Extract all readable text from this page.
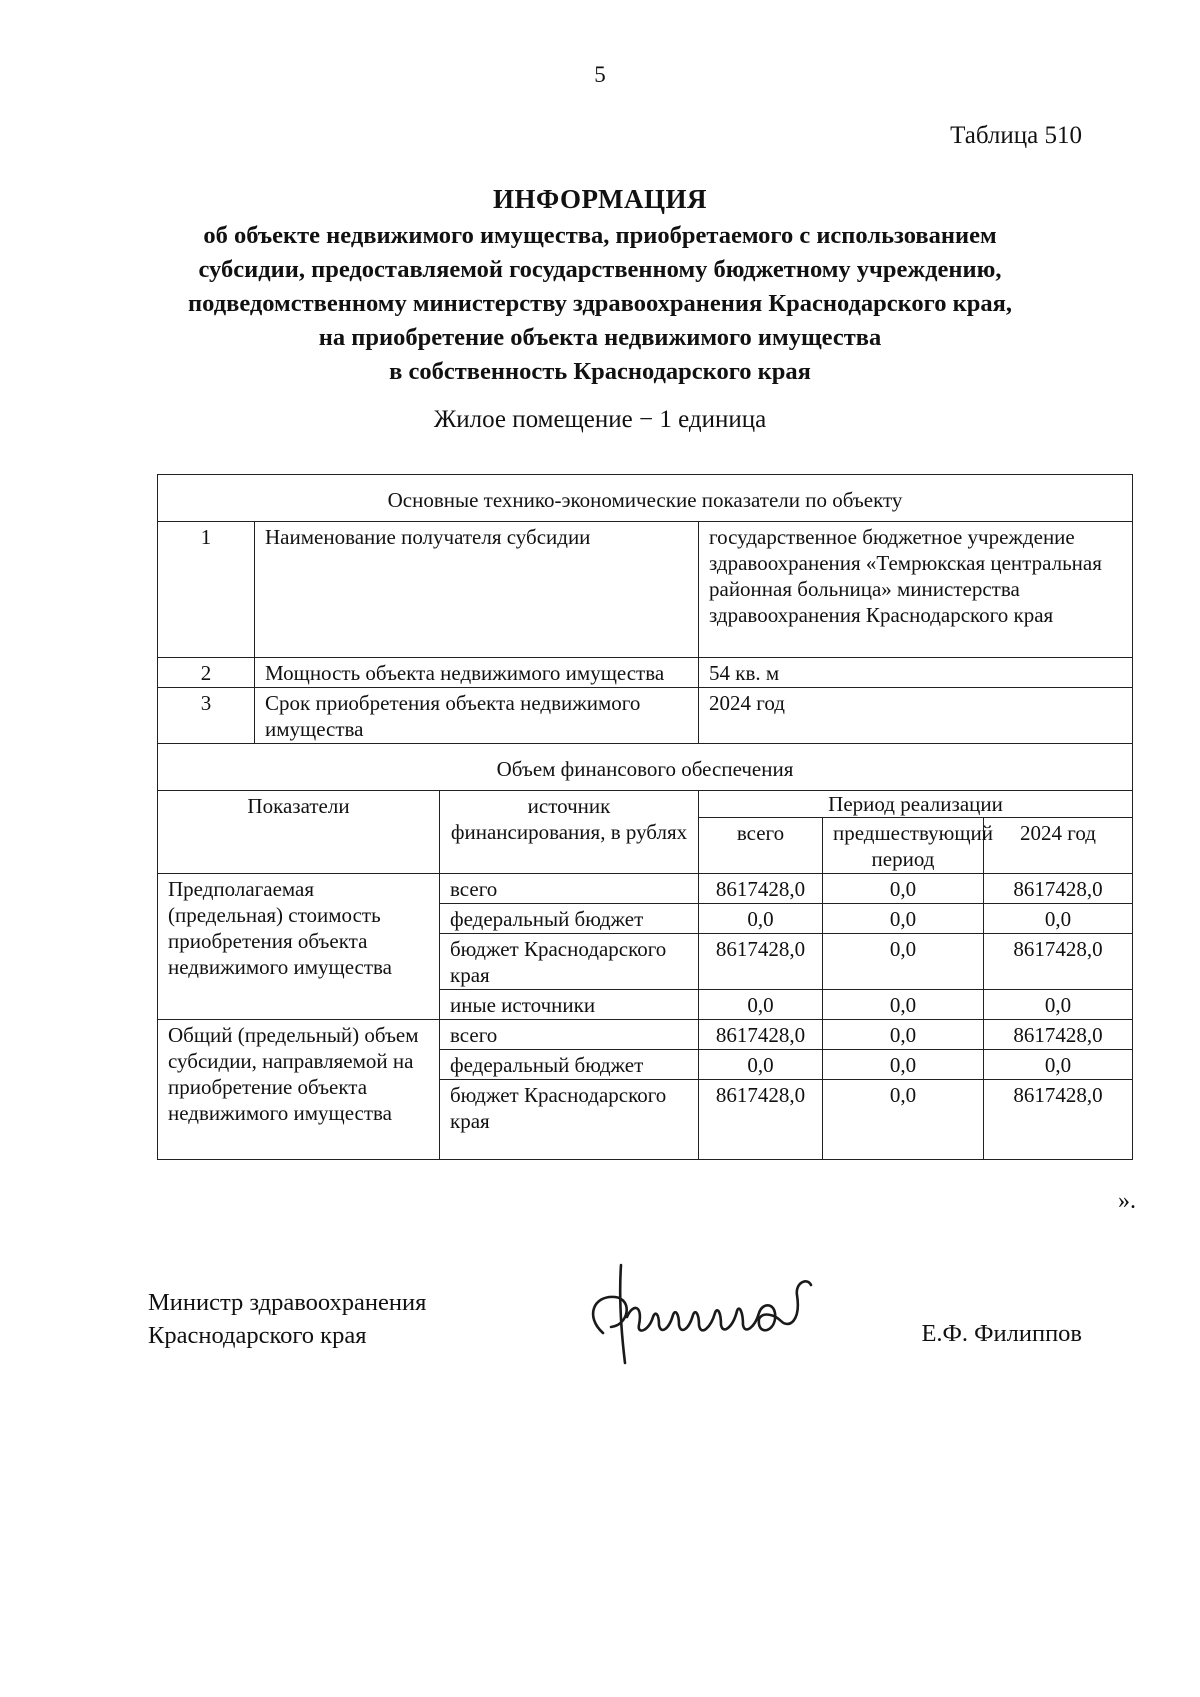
5
Таблица 510
ИНФОРМАЦИЯ
об объекте недвижимого имущества, приобретаемого с использованием
субсидии, предоставляемой государственному бюджетному учреждению,
подведомственному министерству здравоохранения Краснодарского края,
на приобретение объекта недвижимого имущества
в собственность Краснодарского края
Жилое помещение − 1 единица
Основные технико-экономические показатели по объекту					
1	Наименование получателя субсидии		государственное бюджетное учреждение здравоохранения «Темрюкская центральная районная больница» министерства здравоохранения Краснодарского края		
2	Мощность объекта недвижимого имущества		54 кв. м		
3	Срок приобретения объекта недвижимого имущества		2024 год		
Объем финансового обеспечения					
Показатели		источник финансирования, в рублях	Период реализации		
			всего	предшествующий период	2024 год
Предполагаемая (предельная) стоимость приобретения объекта недвижимого имущества		всего	8617428,0	0,0	8617428,0
		федеральный бюджет	0,0	0,0	0,0
		бюджет Краснодарского края	8617428,0	0,0	8617428,0
		иные источники	0,0	0,0	0,0
Общий (предельный) объем субсидии, направляемой на приобретение объекта недвижимого имущества		всего	8617428,0	0,0	8617428,0
		федеральный бюджет	0,0	0,0	0,0
		бюджет Краснодарского края	8617428,0	0,0	8617428,0
».
Министр здравоохранения
Краснодарского края	Е.Ф. Филиппов
